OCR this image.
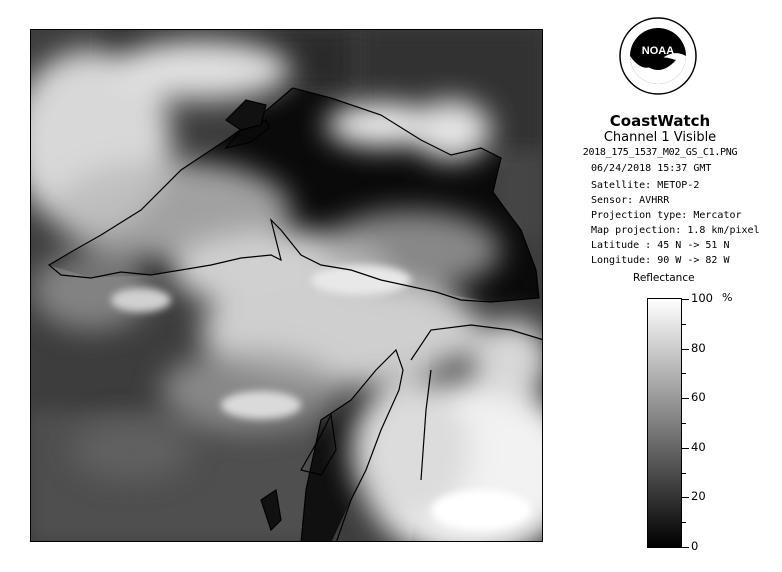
NOAA
CoastWatch
Channel 1 Visible
2018_175_1537_M02_GS_C1.PNG
06/24/2018 15:37 GMT
Satellite: METOP-2
Sensor: AVHRR
Projection type: Mercator
Map projection: 1.8 km/pixel
Latitude : 45 N -> 51 N
Longitude: 90 W -> 82 W
Reflectance
%
100
80
60
40
20
0
